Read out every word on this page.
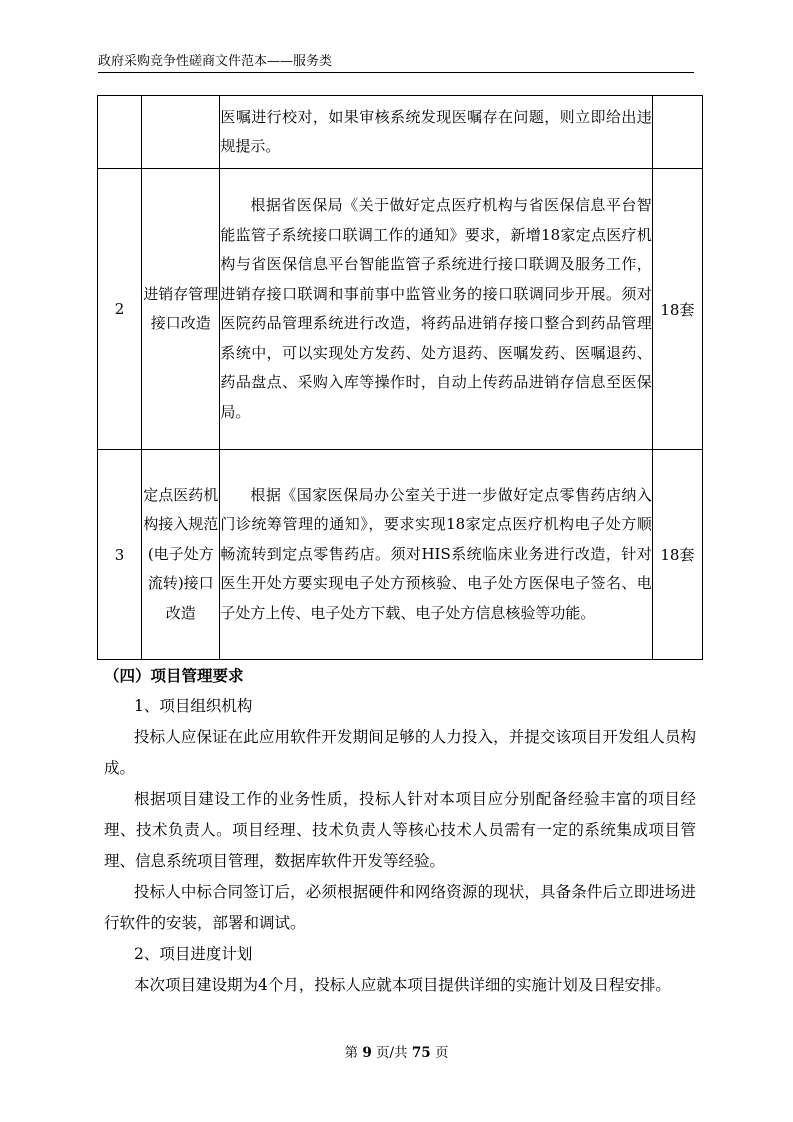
政府采购竞争性磋商文件范本——服务类

		医嘱进行校对，如果审核系统发现医嘱存在问题，则立即给出违规提示。	

2	进销存管理接口改造	根据省医保局《关于做好定点医疗机构与省医保信息平台智能监管子系统接口联调工作的通知》要求，新增18家定点医疗机构与省医保信息平台智能监管子系统进行接口联调及服务工作，进销存接口联调和事前事中监管业务的接口联调同步开展。须对医院药品管理系统进行改造，将药品进销存接口整合到药品管理系统中，可以实现处方发药、处方退药、医嘱发药、医嘱退药、药品盘点、采购入库等操作时，自动上传药品进销存信息至医保局。	18套
3	定点医药机构接入规范(电子处方流转)接口改造	根据《国家医保局办公室关于进一步做好定点零售药店纳入门诊统筹管理的通知》，要求实现18家定点医疗机构电子处方顺畅流转到定点零售药店。须对HIS系统临床业务进行改造，针对医生开处方要实现电子处方预核验、电子处方医保电子签名、电子处方上传、电子处方下载、电子处方信息核验等功能。	18套

（四）项目管理要求

1、项目组织机构

投标人应保证在此应用软件开发期间足够的人力投入，并提交该项目开发组人员构成。

根据项目建设工作的业务性质，投标人针对本项目应分别配备经验丰富的项目经理、技术负责人。项目经理、技术负责人等核心技术人员需有一定的系统集成项目管理、信息系统项目管理，数据库软件开发等经验。

投标人中标合同签订后，必须根据硬件和网络资源的现状，具备条件后立即进场进行软件的安装，部署和调试。

2、项目进度计划

本次项目建设期为4个月，投标人应就本项目提供详细的实施计划及日程安排。

第 9 页/共 75 页
